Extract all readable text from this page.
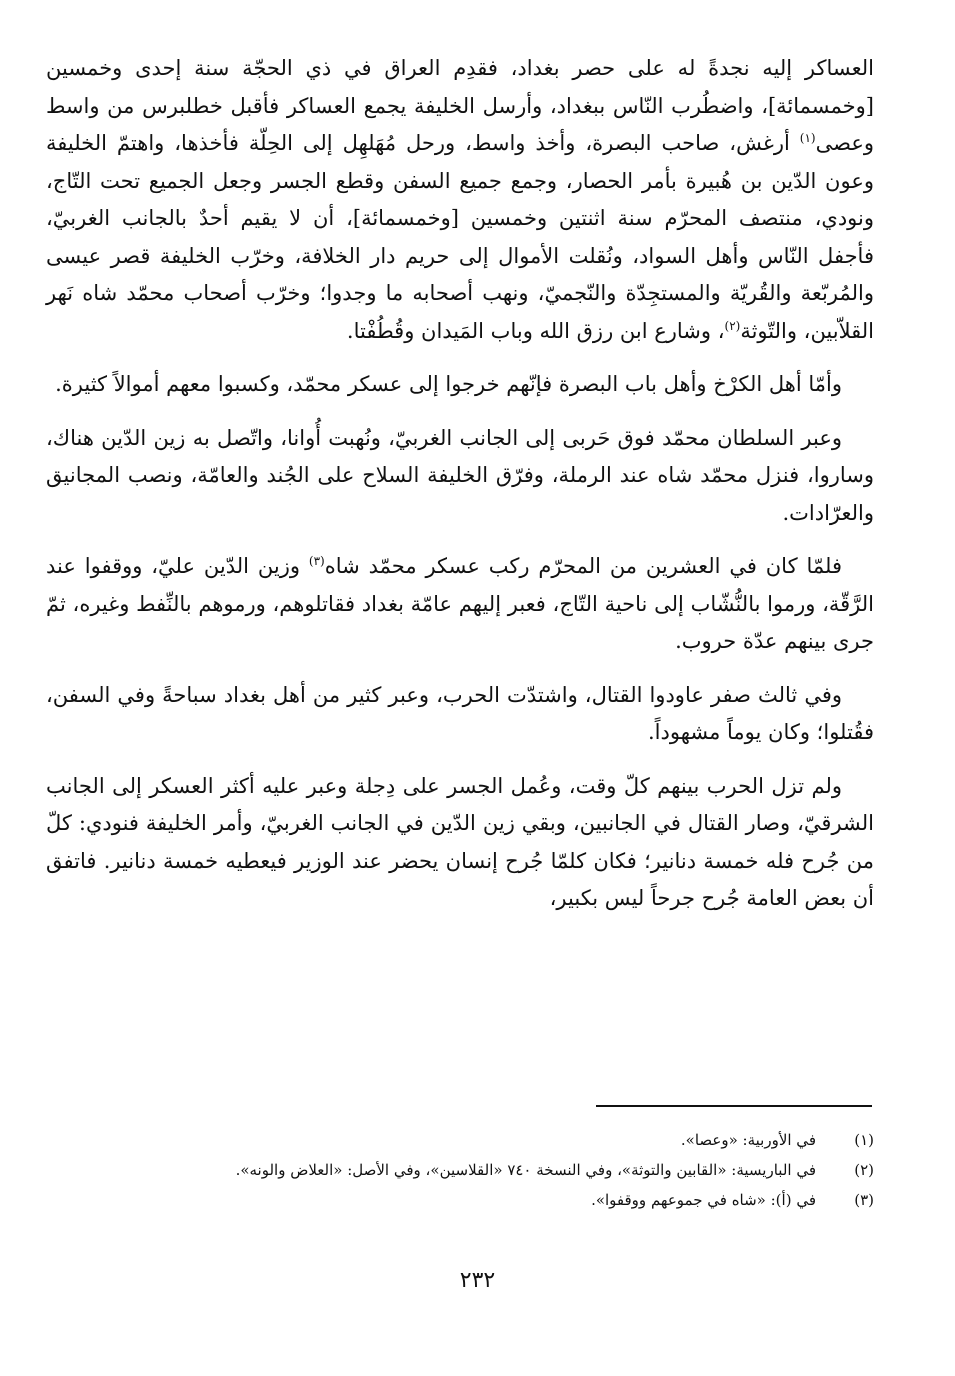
العساكر إليه نجدةً له على حصر بغداد، فقدِم العراق في ذي الحجّة سنة إحدى وخمسين [وخمسمائة]، واضطُرب النّاس ببغداد، وأرسل الخليفة يجمع العساكر فأقبل خطلبرس من واسط وعصى$^{(١)}$ أرغش، صاحب البصرة، وأخذ واسط، ورحل مُهَلهِل إلى الحِلّة فأخذها، واهتمّ الخليفة وعون الدّين بن هُبيرة بأمر الحصار، وجمع جميع السفن وقطع الجسر وجعل الجميع تحت التّاج، ونودي، منتصف المحرّم سنة اثنتين وخمسين [وخمسمائة]، أن لا يقيم أحدٌ بالجانب الغربيّ، فأجفل النّاس وأهل السواد، ونُقلت الأموال إلى حريم دار الخلافة، وخرّب الخليفة قصر عيسى والمُربّعة والقُريّة والمستجِدّة والنّجميّ، ونهب أصحابه ما وجدوا؛ وخرّب أصحاب محمّد شاه نَهر القلاّبين، والتّوثة$^{(٢)}$، وشارع ابن رزق الله وباب المَيدان وقُطُفْتا.

وأمّا أهل الكرْخ وأهل باب البصرة فإنّهم خرجوا إلى عسكر محمّد، وكسبوا معهم أموالاً كثيرة.

وعبر السلطان محمّد فوق حَربى إلى الجانب الغربيّ، ونُهبت أُوانا، واتّصل به زين الدّين هناك، وساروا، فنزل محمّد شاه عند الرملة، وفرّق الخليفة السلاح على الجُند والعامّة، ونصب المجانيق والعرّادات.

فلمّا كان في العشرين من المحرّم ركب عسكر محمّد شاه$^{(٣)}$ وزين الدّين عليّ، ووقفوا عند الرَّقّة، ورموا بالنُّشّاب إلى ناحية التّاج، فعبر إليهم عامّة بغداد فقاتلوهم، ورموهم بالنِّفط وغيره، ثمّ جرى بينهم عدّة حروب.

وفي ثالث صفر عاودوا القتال، واشتدّت الحرب، وعبر كثير من أهل بغداد سباحةً وفي السفن، فقُتلوا؛ وكان يوماً مشهوداً.

ولم تزل الحرب بينهم كلّ وقت، وعُمل الجسر على دِجلة وعبر عليه أكثر العسكر إلى الجانب الشرقيّ، وصار القتال في الجانبين، وبقي زين الدّين في الجانب الغربيّ، وأمر الخليفة فنودي: كلّ من جُرح فله خمسة دنانير؛ فكان كلمّا جُرح إنسان يحضر عند الوزير فيعطيه خمسة دنانير. فاتفق أن بعض العامة جُرح جرحاً ليس بكبير،

(١)
في الأوربية: «وعصا».
(٢)
في الباريسية: «القابين والتوثة»، وفي النسخة ٧٤٠ «القلاسين»، وفي الأصل: «العلاض والونه».
(٣)
في (أ): «شاه في جموعهم ووقفوا».
٢٣٢
